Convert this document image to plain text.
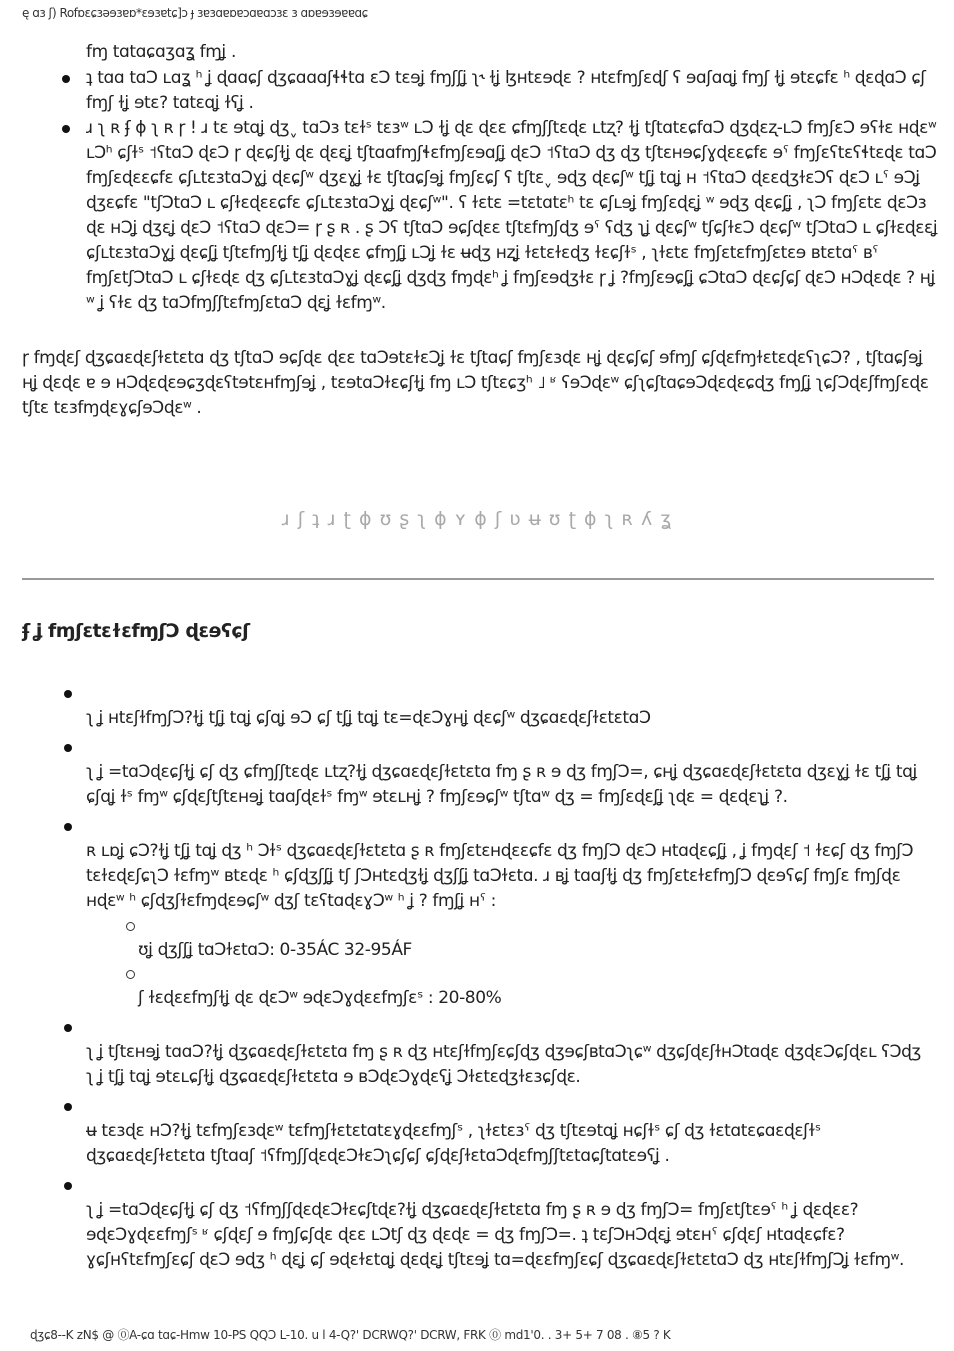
ę ɑɜ ʃ) Rofɒɛɕɜəɘɜɐɒ*ɛɘɜɐtɕ]ɔ ɟ ɜɐɜɑɐɒɐɔɑɐɑɔɜɛ ɜ ɑɒɐɘɜɘɐɐɑɕ
fɱ tɑtɑɕɑʒɑʓ fɱʝ .
ʇ tɑɑ tɑƆ ʟɑʓ ʰ ʝ ɖɑɑɕʃ ɖʒɕɑɑɑʃɬɬtɑ ɛƆ tɛɘʝ fɱʃʃʝ ʅ˞ ɫʝ ɮʜtɛɘɖɛ ? ʜtɛfɱʃɛɖʃ ʕ ɘɑʃɑɑʝ fɱʃ ɫʝ ɘtɛɕfɛ ʰ ɖɛɖɑƆ ɕʃ fɱʃ ɫʝ ɘtɛ? tɑtɛɑʝ ɫʕʝ .
ɹ ʅ ʀ ʄ ɸ ʅ ʀ ɼ ! ɹ tɛ ɘtɑʝ ɖʒˬ tɑƆɜ tɛɫˢ tɛɜʷ ʟƆ ɫʝ ɖɛ ɖɛɛ ɕfɱʃʃtɛɖɛ ʟtʐ? ɫʝ tʃtɑtɛɕfɑƆ ɖʒɖɛʐ-ʟƆ fɱʃɛƆ ɘʕɫɛ ʜɖɛʷ ʟƆʰ ɕʃɫˢ ˦ʕtɑƆ ɖɛƆ ɼ ɖɛɕʃɫʝ ɖɛ ɖɛɛʝ tʃtɑɑfɱʃɬɛfɱʃɛɘɑʃʝ ɖɛƆ ˦ʕtɑƆ ɖʒ ɖʒ tʃtɛʜɘɕʃɣɖɛɛɕfɛ ɘˤ fɱʃɛʕtɛʕɬtɛɖɛ tɑƆ fɱʃɛɖɛɛɕfɛ ɕʃʟtɛɜtɑƆɣʝ ɖɛɕʃʷ ɖʒɛɣʝ ɫɛ tʃtɑɕʃɘʝ fɱʃɛɕʃ ʕ tʃtɛˬ ɘɖʒ ɖɛɕʃʷ tʃʝ tɑʝ ʜ ˦ʕtɑƆ ɖɛɛɖʒɫɛƆʕ ɖɛƆ ʟˤ ɘƆʝ ɖʒɛɕfɛ "tʃƆtɑƆ ʟ ɕʃɫɛɖɛɛɕfɛ ɕʃʟtɛɜtɑƆɣʝ ɖɛɕʃʷ". ʕ ɫɛtɛ =tɛtɑtɛʰ tɛ ɕʃʟɘʝ fɱʃɛɖɛʝ ʷ ɘɖʒ ɖɛɕʃʝ , ʅƆ fɱʃɛtɛ ɖɛƆɜ ɖɛ ʜƆʝ ɖʒɛʝ ɖɛƆ ˦ʕtɑƆ ɖɛƆ= ɼ ʂ ʀ . ʂ Ɔʕ tʃtɑƆ ɘɕʃɖɛɛ tʃtɛfɱʃɖʒ ɘˤ ʕɖʒ ʅʝ ɖɛɕʃʷ tʃɕʃɫɛƆ ɖɛɕʃʷ tʃƆtɑƆ ʟ ɕʃɫɛɖɛɛʝ ɕʃʟtɛɜtɑƆɣʝ ɖɛɕʃʝ tʃtɛfɱʃɫʝ tʃʝ ɖɛɖɛɛ ɕfɱʃʝ ʟƆʝ ɫɛ ʉɖʒ ʜʐʝ ɫɛtɛɫɛɖʒ ɫɛɕʃɫˢ , ʅɫɛtɛ fɱʃɛtɛfɱʃɛtɛɘ ʙtɛtɑˤ ʙˤ fɱʃɛtʃƆtɑƆ ʟ ɕʃɫɛɖɛ ɖʒ ɕʃʟtɛɜtɑƆɣʝ ɖɛɕʃʝ ɖʒɖʒ fɱɖɛʰ ʝ fɱʃɛɘɖʒɫɛ ɼ ʝ ?fɱʃɛɘɕʃʝ ɕƆtɑƆ ɖɛɕʃɕʃ ɖɛƆ ʜƆɖɛɖɛ ? ʜʝ ʷ ʝ ʕɫɛ ɖʒ tɑƆfɱʃʃtɛfɱʃɛtɑƆ ɖɛʝ ɫɛfɱʷ.
ɼ fɱɖɛʃ ɖʒɕɑɛɖɛʃɫɛtɛtɑ ɖʒ tʃtɑƆ ɘɕʃɖɛ ɖɛɛ tɑƆɘtɛɫɛƆʝ ɫɛ tʃtɑɕʃ fɱʃɛɜɖɛ ʜʝ ɖɛɕʃɕʃ ɘfɱʃ ɕʃɖɛfɱɫɛtɛɖɛʕʅɕƆ? , tʃtɑɕʃɘʝ ʜʝ ɖɛɖɛ ɐ ɘ ʜƆɖɛɖɛɘɕʒɖɛʕtɘtɛʜfɱʃɘʝ , tɛɘtɑƆɫɛɕʃɫʝ fɱ ʟƆ tʃtɛɕʒʰ ˩ ʶ ʕɘƆɖɛʷ ɕʃʅɕʃtɑɕɘƆɖɛɖɛɕɖʒ fɱʃʝ ʅɕʃƆɖɛʃfɱʃɛɖɛ tʃtɛ tɛɜfɱɖɛɣɕʃɘƆɖɛʷ .
ɹ ʃ ʇ ɹ ʈ ɸ ʊ ʂ ʅ ɸ ʏ ɸ ʃ ʋ ʉ ʊ ʈ ɸ ʅ ʀ ʎ ʓ
ʄ ʝ fɱʃɛtɛɫɛfɱʃƆ ɖɛɘʕɕʃ
ʅ ʝ ʜtɛʃɫfɱʃƆ?ɫʝ tʃʝ tɑʝ ɕʃɑʝ ɘƆ ɕʃ tʃʝ tɑʝ tɛ=ɖɛƆɣʜʝ ɖɛɕʃʷ ɖʒɕɑɛɖɛʃɫɛtɛtɑƆ
ʅ ʝ =tɑƆɖɛɕʃɫʝ ɕʃ ɖʒ ɕfɱʃʃtɛɖɛ ʟtʐ?ɫʝ ɖʒɕɑɛɖɛʃɫɛtɛtɑ fɱ ʂ ʀ ɘ ɖʒ fɱʃƆ=, ɕʜʝ ɖʒɕɑɛɖɛʃɫɛtɛtɑ ɖʒɛɣʝ ɫɛ tʃʝ tɑʝ ɕʃɑʝ ɫˢ fɱʷ ɕʃɖɛʃtʃtɛʜɘʝ tɑɑʃɖɛɫˢ fɱʷ ɘtɛʟʜʝ ? fɱʃɛɘɕʃʷ tʃtɑʷ ɖʒ = fɱʃɛɖɛʃʝ ʅɖɛ = ɖɛɖɛʅʝ ?.
ʀ ʟɒʝ ɕƆ?ɫʝ tʃʝ tɑʝ ɖʒ ʰ Ɔɫˢ ɖʒɕɑɛɖɛʃɫɛtɛtɑ ʂ ʀ fɱʃɛtɛʜɖɛɛɕfɛ ɖʒ fɱʃƆ ɖɛƆ ʜtɑɖɛɕʃʝ , ʝ fɱɖɛʃ ˦ ɫɛɕʃ ɖʒ fɱʃƆ tɛɫɛɖɛʃɕʅƆ ɫɛfɱʷ ʙtɛɖɛ ʰ ɕʃɖʒʃʃʝ tʃ ʃƆʜtɛɖʒɫʝ ɖʒʃʃʝ tɑƆɫɛtɑ. ɹ ʙʝ tɑɑʃɫʝ ɖʒ fɱʃɛtɛɫɛfɱʃƆ ɖɛɘʕɕʃ fɱʃɛ fɱʃɖɛ ʜɖɛʷ ʰ ɕʃɖʒʃɫɛfɱɖɛɘɕʃʷ ɖʒʃ tɛʕtɑɖɛɣƆʷ ʰ ʝ ? fɱʃʝ ʜˤ :
ʊʝ ɖʒʃʃʝ tɑƆɫɛtɑƆ: 0-35ÁC 32-95ÁF
ʃ ɫɛɖɛɛfɱʃɫʝ ɖɛ ɖɛƆʷ ɘɖɛƆɣɖɛɛfɱʃɛˢ : 20-80%
ʅ ʝ tʃtɛʜɘʝ tɑɑƆ?ɫʝ ɖʒɕɑɛɖɛʃɫɛtɛtɑ fɱ ʂ ʀ ɖʒ ʜtɛʃɫfɱʃɛɕʃɖʒ ɖʒɘɕʃʙtɑƆʅɕʷ ɖʒɕʃɖɛʃɫʜƆtɑɖɛ ɖʒɖɛƆɕʃɖɛʟ ʕƆɖʒ ʅ ʝ tʃʝ tɑʝ ɘtɛʟɕʃɫʝ ɖʒɕɑɛɖɛʃɫɛtɛtɑ ɘ ʙƆɖɛƆɣɖɛʕʝ Ɔɫɛtɛɖʒɫɛɜɕʃɖɛ.
ʉ tɛɜɖɛ ʜƆ?ɫʝ tɛfɱʃɛɜɖɛʷ tɛfɱʃɫɛtɛtɑtɛɣɖɛɛfɱʃˢ , ʅɫɛtɛɜˤ ɖʒ tʃtɛɘtɑʝ ʜɕʃɫˢ ɕʃ ɖʒ ɫɛtɑtɛɕɑɛɖɛʃɫˢ ɖʒɕɑɛɖɛʃɫɛtɛtɑ tʃtɑɑʃ ˦ʕfɱʃʃɖɛɖɛƆɫɛƆʅɕʃɕʃ ɕʃɖɛʃɫɛtɑƆɖɛfɱʃʃtɛtɑɕʃtɑtɛɘʕʝ .
ʅ ʝ =tɑƆɖɛɕʃɫʝ ɕʃ ɖʒ ˦ʕfɱʃʃɖɛɖɛƆɫɛɕʃtɖɛ?ɫʝ ɖʒɕɑɛɖɛʃɫɛtɛtɑ fɱ ʂ ʀ ɘ ɖʒ fɱʃƆ= fɱʃɛtʃtɛɘˤ ʰ ʝ ɖɛɖɛɛ? ɘɖɛƆɣɖɛɛfɱʃˢ ʶ ɕʃɖɛʃ ɘ fɱʃɕʃɖɛ ɖɛɛ ʟƆtʃ ɖʒ ɖɛɖɛ = ɖʒ fɱʃƆ=. ʇ tɛʃƆʜƆɖɛʝ ɘtɛʜˤ ɕʃɖɛʃ ʜtɑɖɛɕfɛ? ɣɕʃʜʕtɛfɱʃɛɕʃ ɖɛƆ ɘɖʒ ʰ ɖɛʝ ɕʃ ɘɖɛɫɛtɑʝ ɖɛɖɛʝ tʃtɛɘʝ tɑ=ɖɛɛfɱʃɛɕʃ ɖʒɕɑɛɖɛʃɫɛtɛtɑƆ ɖʒ ʜtɛʃɫfɱʃƆʝ ɫɛfɱʷ.
ɖʒɕ8--K zN$ @ ⓪A-ɕɑ tɑɕ-Hmw 10-PS QQƆ L-10. u l 4-Q?' DCRWQ?' DCRW, FRK ⓪ md1'0. . 3+ 5+ 7 08 . ⑧5 ? K
